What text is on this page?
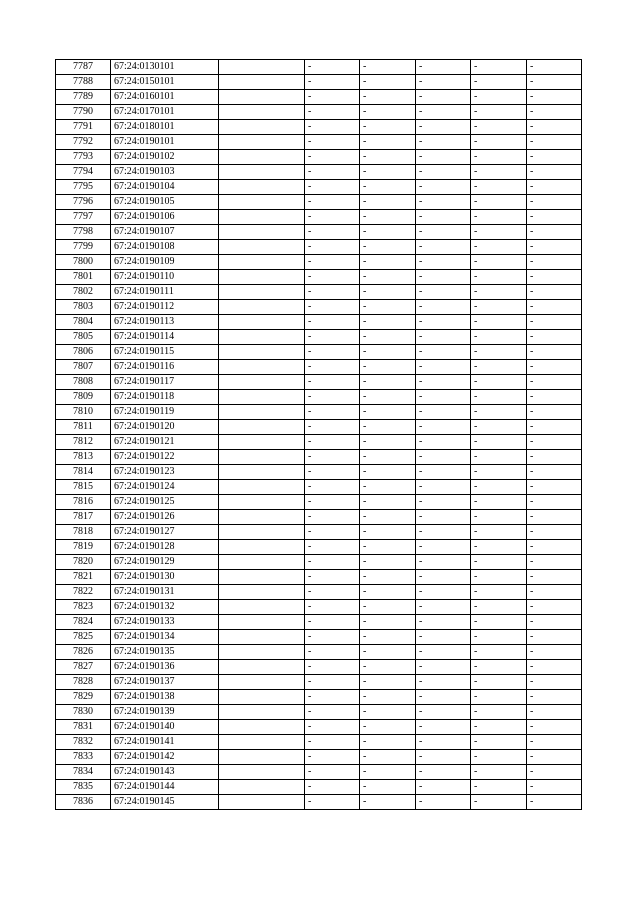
7787	67:24:0130101		-	-	-	-	-
7788	67:24:0150101		-	-	-	-	-
7789	67:24:0160101		-	-	-	-	-
7790	67:24:0170101		-	-	-	-	-
7791	67:24:0180101		-	-	-	-	-
7792	67:24:0190101		-	-	-	-	-
7793	67:24:0190102		-	-	-	-	-
7794	67:24:0190103		-	-	-	-	-
7795	67:24:0190104		-	-	-	-	-
7796	67:24:0190105		-	-	-	-	-
7797	67:24:0190106		-	-	-	-	-
7798	67:24:0190107		-	-	-	-	-
7799	67:24:0190108		-	-	-	-	-
7800	67:24:0190109		-	-	-	-	-
7801	67:24:0190110		-	-	-	-	-
7802	67:24:0190111		-	-	-	-	-
7803	67:24:0190112		-	-	-	-	-
7804	67:24:0190113		-	-	-	-	-
7805	67:24:0190114		-	-	-	-	-
7806	67:24:0190115		-	-	-	-	-
7807	67:24:0190116		-	-	-	-	-
7808	67:24:0190117		-	-	-	-	-
7809	67:24:0190118		-	-	-	-	-
7810	67:24:0190119		-	-	-	-	-
7811	67:24:0190120		-	-	-	-	-
7812	67:24:0190121		-	-	-	-	-
7813	67:24:0190122		-	-	-	-	-
7814	67:24:0190123		-	-	-	-	-
7815	67:24:0190124		-	-	-	-	-
7816	67:24:0190125		-	-	-	-	-
7817	67:24:0190126		-	-	-	-	-
7818	67:24:0190127		-	-	-	-	-
7819	67:24:0190128		-	-	-	-	-
7820	67:24:0190129		-	-	-	-	-
7821	67:24:0190130		-	-	-	-	-
7822	67:24:0190131		-	-	-	-	-
7823	67:24:0190132		-	-	-	-	-
7824	67:24:0190133		-	-	-	-	-
7825	67:24:0190134		-	-	-	-	-
7826	67:24:0190135		-	-	-	-	-
7827	67:24:0190136		-	-	-	-	-
7828	67:24:0190137		-	-	-	-	-
7829	67:24:0190138		-	-	-	-	-
7830	67:24:0190139		-	-	-	-	-
7831	67:24:0190140		-	-	-	-	-
7832	67:24:0190141		-	-	-	-	-
7833	67:24:0190142		-	-	-	-	-
7834	67:24:0190143		-	-	-	-	-
7835	67:24:0190144		-	-	-	-	-
7836	67:24:0190145		-	-	-	-	-
